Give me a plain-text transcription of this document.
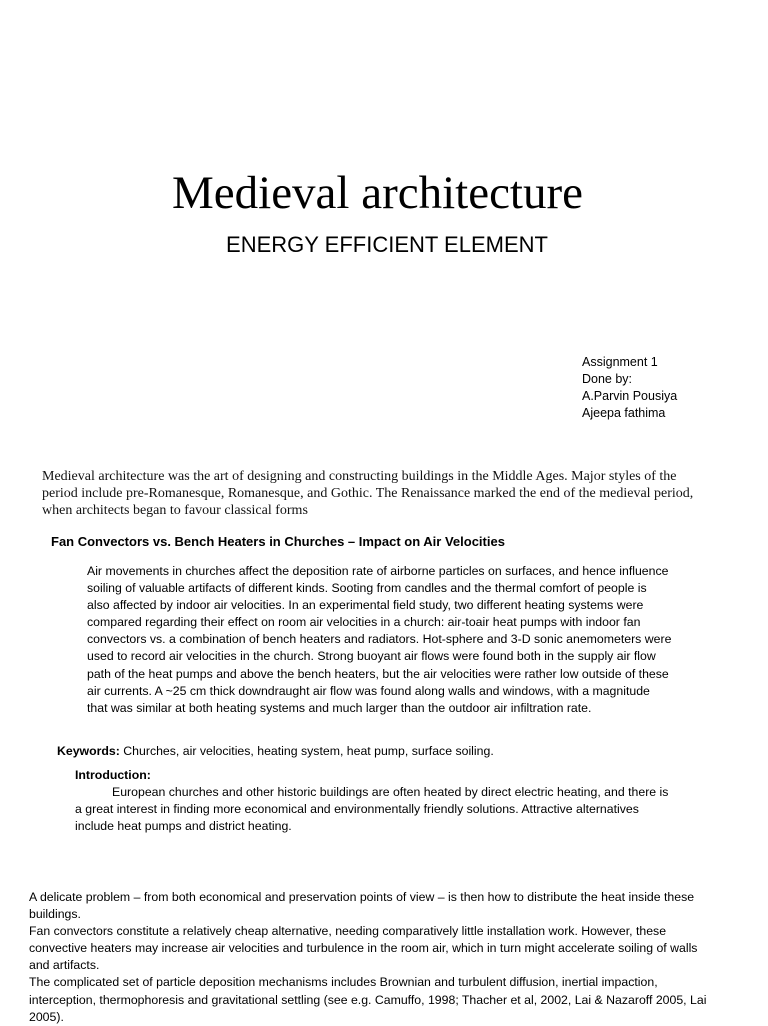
Medieval architecture
ENERGY EFFICIENT ELEMENT
Assignment 1
Done by:
A.Parvin Pousiya
Ajeepa fathima
Medieval architecture was the art of designing and constructing buildings in the Middle Ages. Major styles of the period include pre-Romanesque, Romanesque, and Gothic. The Renaissance marked the end of the medieval period, when architects began to favour classical forms
Fan Convectors vs. Bench Heaters in Churches – Impact on Air Velocities
Air movements in churches affect the deposition rate of airborne particles on surfaces, and hence influence soiling of valuable artifacts of different kinds. Sooting from candles and the thermal comfort of people is also affected by indoor air velocities. In an experimental field study, two different heating systems were compared regarding their effect on room air velocities in a church: air-toair heat pumps with indoor fan convectors vs. a combination of bench heaters and radiators. Hot-sphere and 3-D sonic anemometers were used to record air velocities in the church. Strong buoyant air flows were found both in the supply air flow path of the heat pumps and above the bench heaters, but the air velocities were rather low outside of these air currents. A ~25 cm thick downdraught air flow was found along walls and windows, with a magnitude that was similar at both heating systems and much larger than the outdoor air infiltration rate.
Keywords: Churches, air velocities, heating system, heat pump, surface soiling.
Introduction:
European churches and other historic buildings are often heated by direct electric heating, and there is a great interest in finding more economical and environmentally friendly solutions. Attractive alternatives include heat pumps and district heating.

A delicate problem – from both economical and preservation points of view – is then how to distribute the heat inside these buildings.

Fan convectors constitute a relatively cheap alternative, needing comparatively little installation work. However, these convective heaters may increase air velocities and turbulence in the room air, which in turn might accelerate soiling of walls and artifacts.

The complicated set of particle deposition mechanisms includes Brownian and turbulent diffusion, inertial impaction, interception, thermophoresis and gravitational settling (see e.g. Camuffo, 1998; Thacher et al, 2002, Lai & Nazaroff 2005, Lai 2005).
